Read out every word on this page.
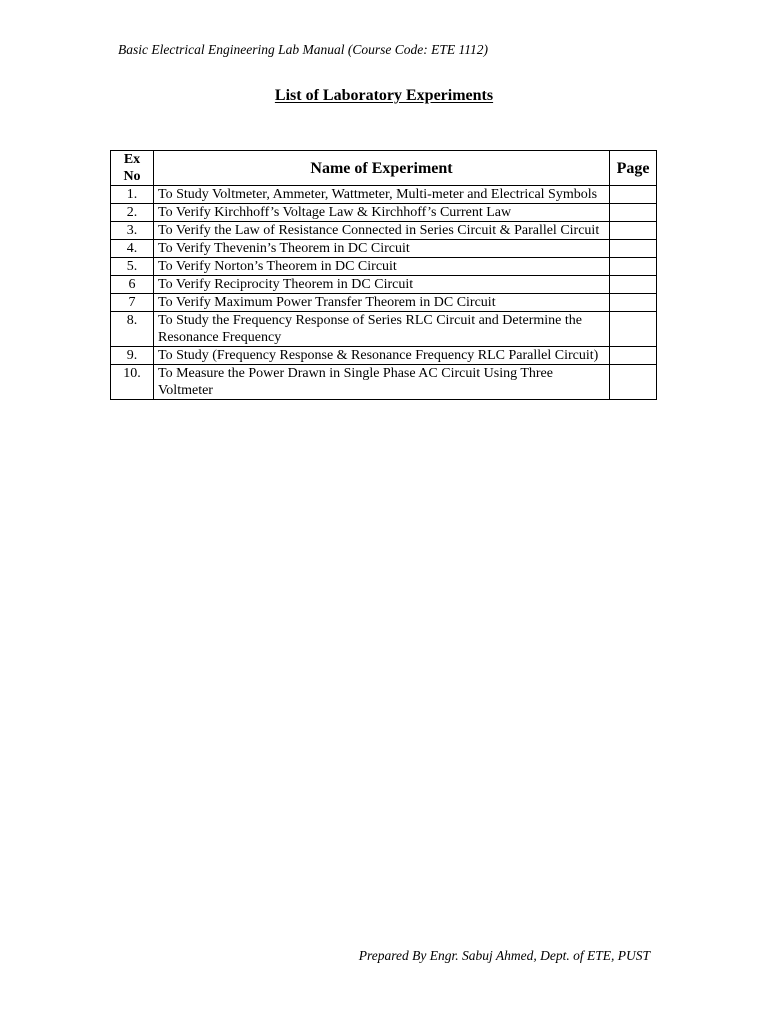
Basic Electrical Engineering Lab Manual (Course Code: ETE 1112)
List of Laboratory Experiments
Ex No	Name of Experiment	Page
1.	To Study Voltmeter, Ammeter, Wattmeter, Multi-meter and Electrical Symbols	
2.	To Verify Kirchhoff’s Voltage Law & Kirchhoff’s Current Law	
3.	To Verify the Law of Resistance Connected in Series Circuit & Parallel Circuit	
4.	To Verify Thevenin’s Theorem in DC Circuit	
5.	To Verify Norton’s Theorem in DC Circuit	
6	To Verify Reciprocity Theorem in DC Circuit	
7	To Verify Maximum Power Transfer Theorem in DC Circuit	
8.	To Study the Frequency Response of Series RLC Circuit and Determine the Resonance Frequency	
9.	To Study (Frequency Response & Resonance Frequency RLC Parallel Circuit)	
10.	To Measure the Power Drawn in Single Phase AC Circuit Using Three Voltmeter	
Prepared By Engr. Sabuj Ahmed, Dept. of ETE, PUST
